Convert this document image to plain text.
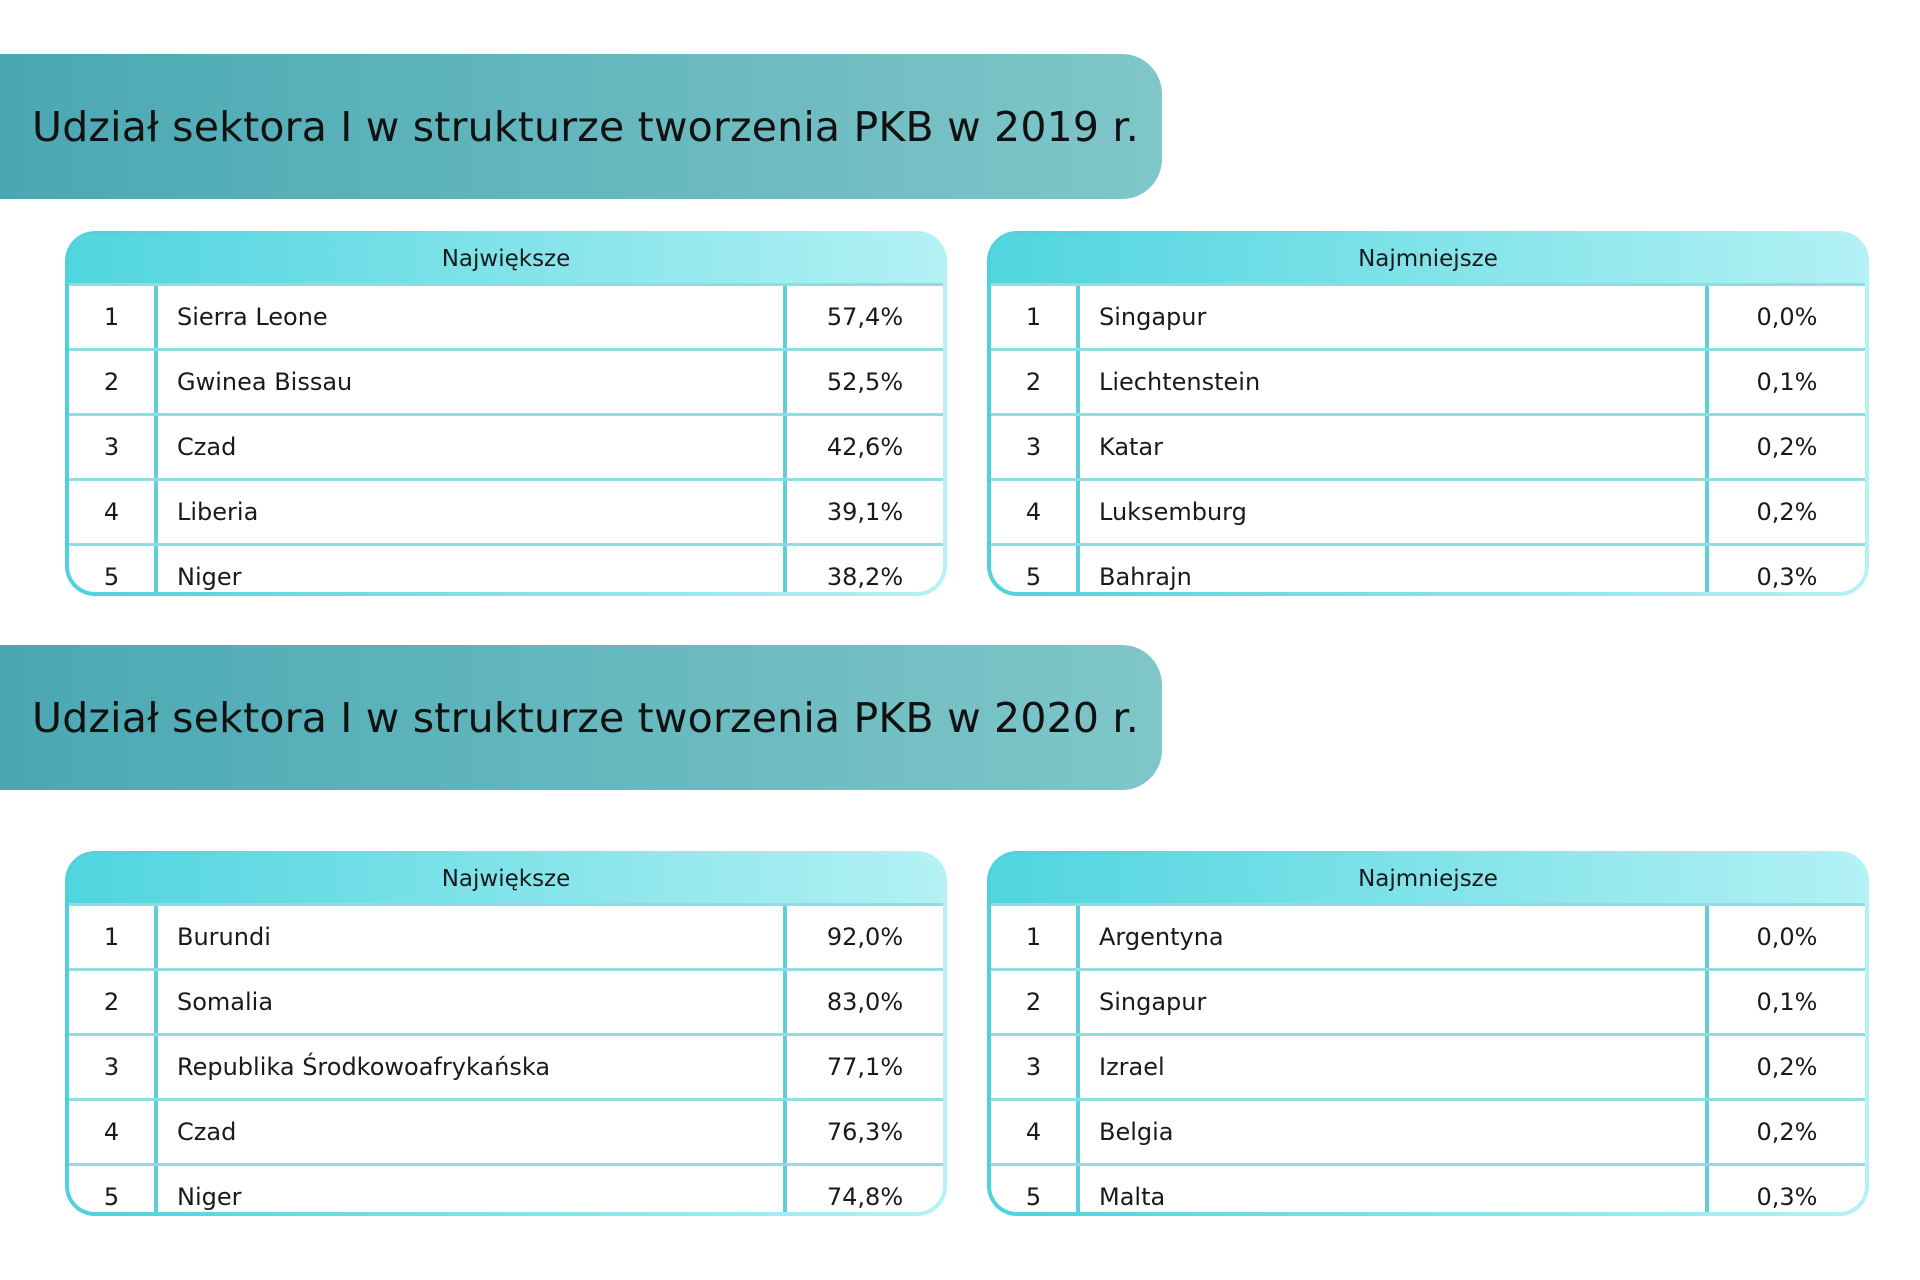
Udział sektora I w strukturze tworzenia PKB w 2019 r.
Największe
1	Sierra Leone	57,4%
2	Gwinea Bissau	52,5%
3	Czad	42,6%
4	Liberia	39,1%
5	Niger	38,2%
Najmniejsze
1	Singapur	0,0%
2	Liechtenstein	0,1%
3	Katar	0,2%
4	Luksemburg	0,2%
5	Bahrajn	0,3%
Udział sektora I w strukturze tworzenia PKB w 2020 r.
Największe
1	Burundi	92,0%
2	Somalia	83,0%
3	Republika Środkowoafrykańska	77,1%
4	Czad	76,3%
5	Niger	74,8%
Najmniejsze
1	Argentyna	0,0%
2	Singapur	0,1%
3	Izrael	0,2%
4	Belgia	0,2%
5	Malta	0,3%
